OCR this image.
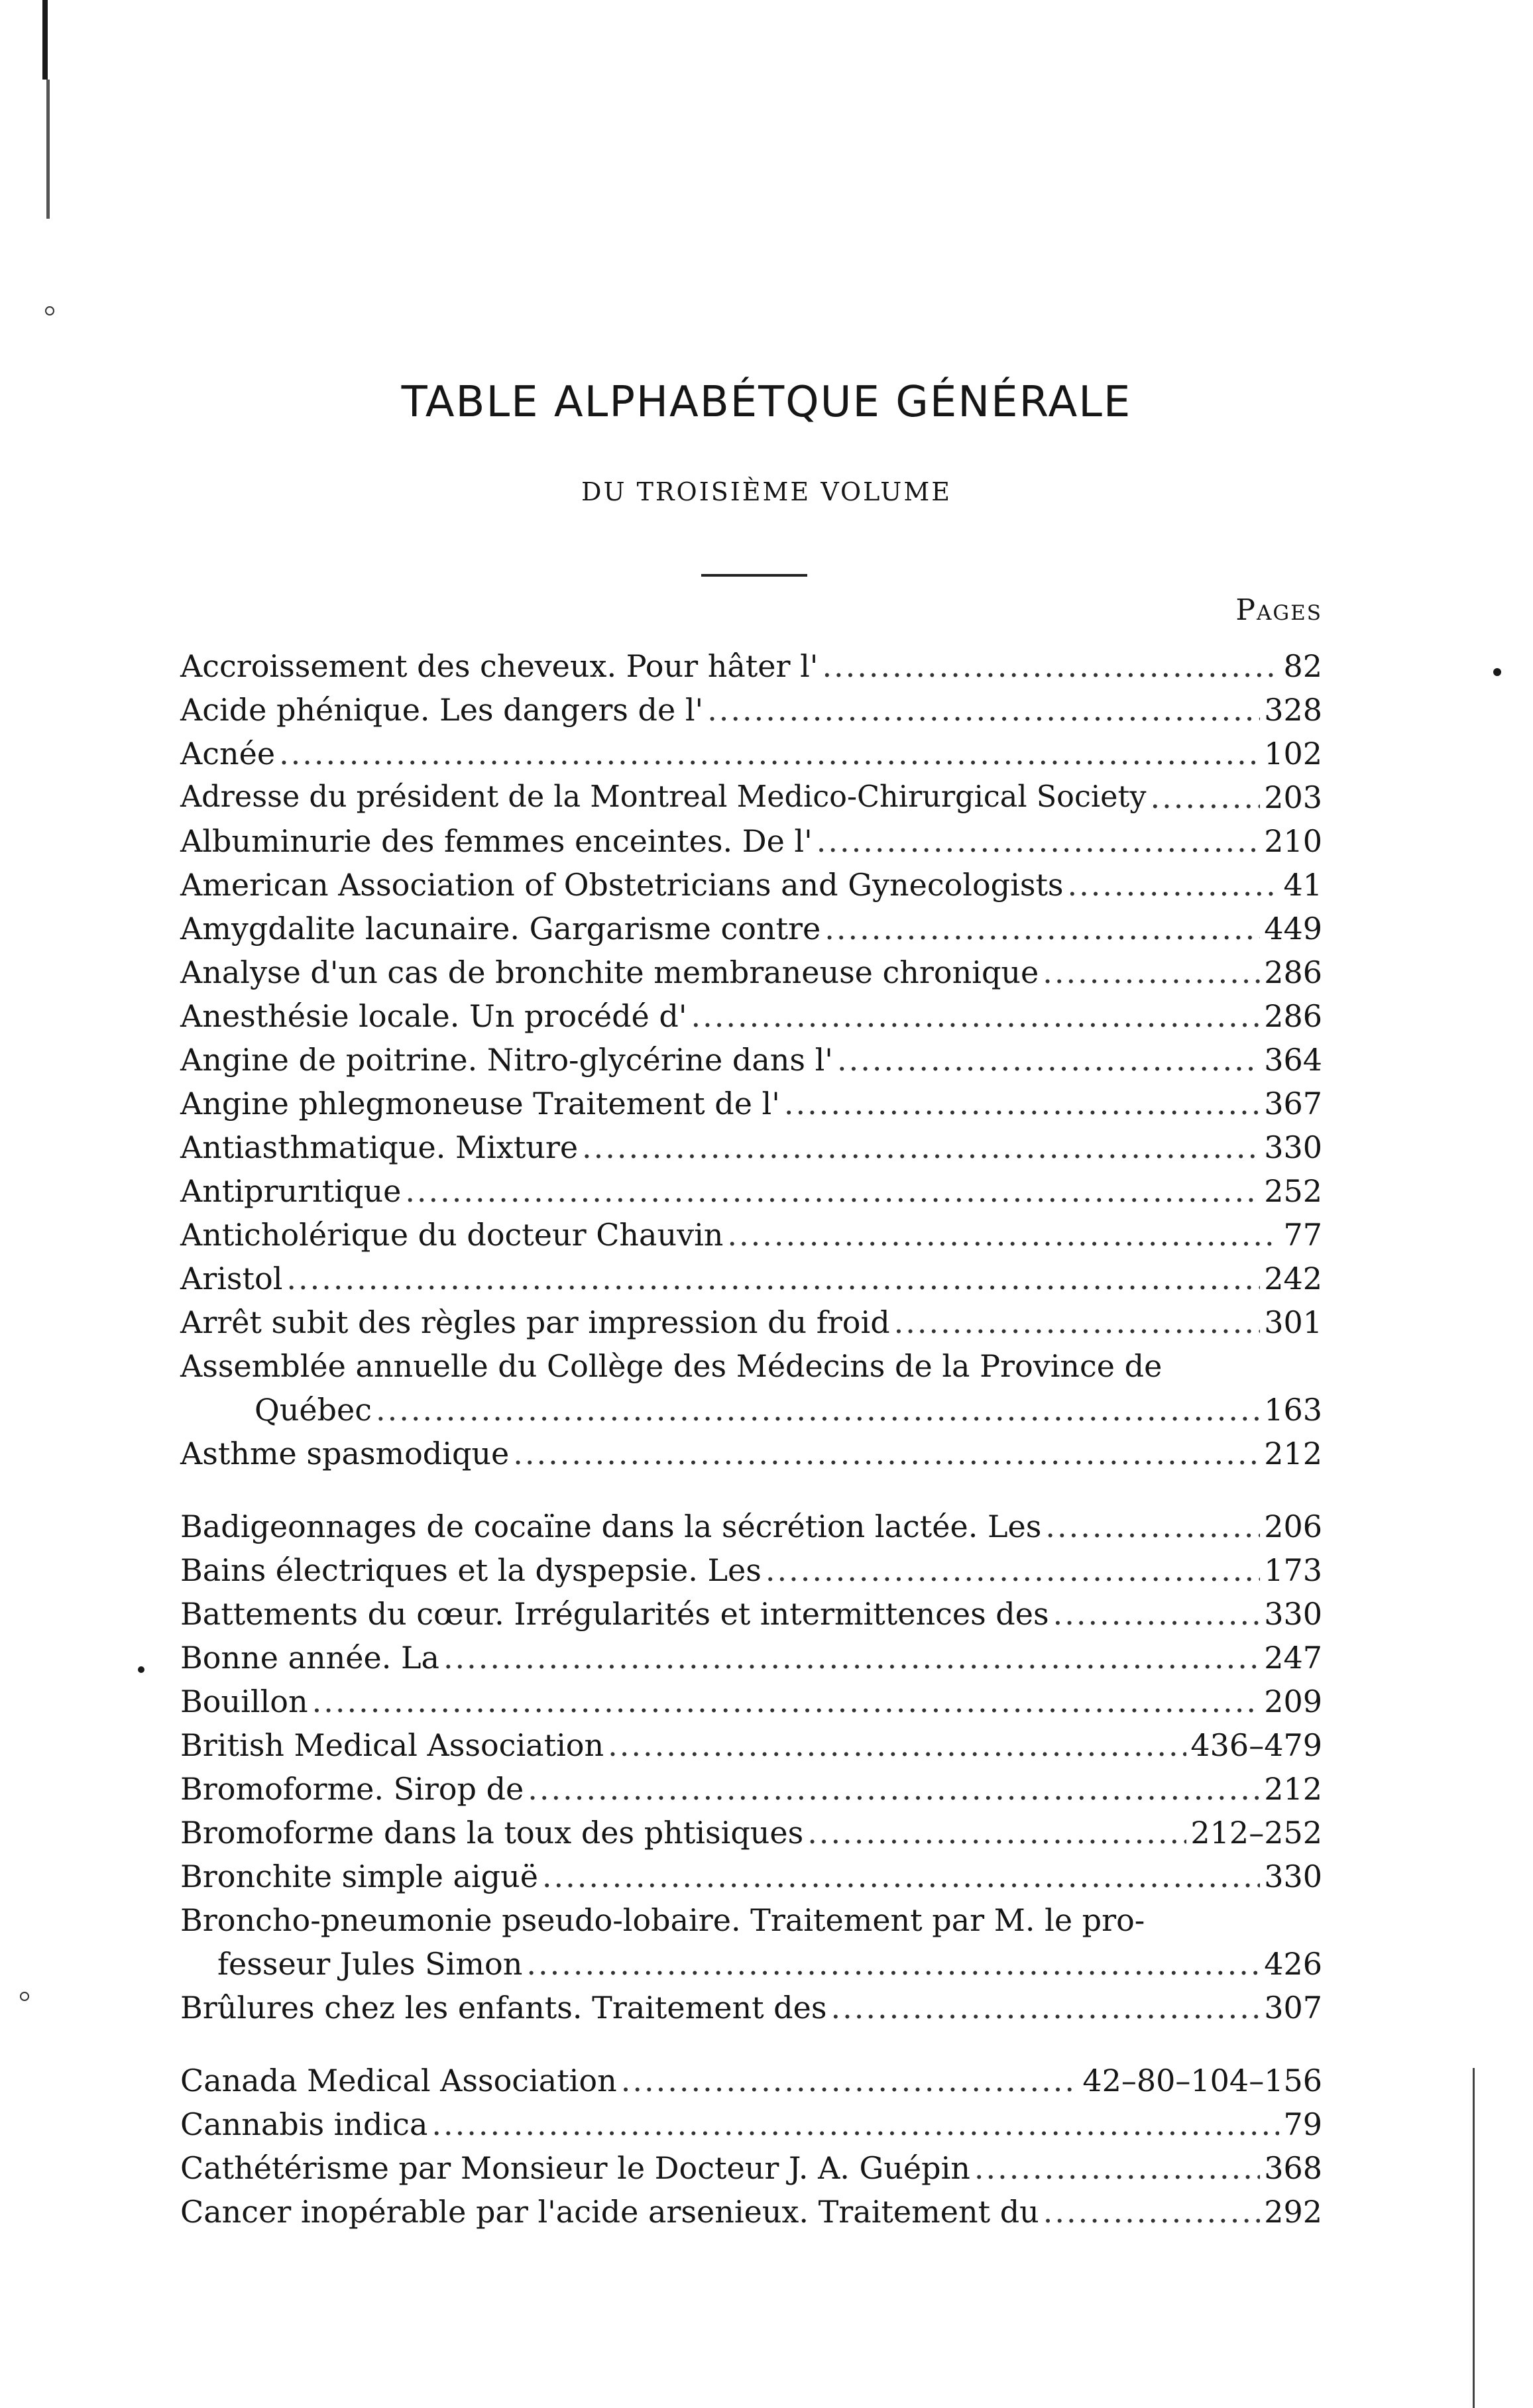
TABLE ALPHABÉTQUE GÉNÉRALE
DU TROISIÈME VOLUME
Pages
Accroissement des cheveux. Pour hâter l' .....	82
Acide phénique. Les dangers de l' .....	328
Acnée .....	102
Adresse du président de la Montreal Medico-Chirurgical Society .....	203
Albuminurie des femmes enceintes. De l' .....	210
American Association of Obstetricians and Gynecologists .....	41
Amygdalite lacunaire. Gargarisme contre .....	449
Analyse d'un cas de bronchite membraneuse chronique .....	286
Anesthésie locale. Un procédé d' .....	286
Angine de poitrine. Nitro-glycérine dans l' .....	364
Angine phlegmoneuse Traitement de l' .....	367
Antiasthmatique. Mixture .....	330
Antiprurıtique .....	252
Anticholérique du docteur Chauvin .....	77
Aristol .....	242
Arrêt subit des règles par impression du froid .....	301
Assemblée annuelle du Collège des Médecins de la Province de
Québec .....	163
Asthme spasmodique .....	212
Badigeonnages de cocaïne dans la sécrétion lactée. Les .....	206
Bains électriques et la dyspepsie. Les .....	173
Battements du cœur. Irrégularités et intermittences des .....	330
Bonne année. La .....	247
Bouillon .....	209
British Medical Association .....	436–479
Bromoforme. Sirop de .....	212
Bromoforme dans la toux des phtisiques .....	212–252
Bronchite simple aiguë .....	330
Broncho-pneumonie pseudo-lobaire. Traitement par M. le pro-
fesseur Jules Simon .....	426
Brûlures chez les enfants. Traitement des .....	307
Canada Medical Association .....	42–80–104–156
Cannabis indica .....	79
Cathétérisme par Monsieur le Docteur J. A. Guépin .....	368
Cancer inopérable par l'acide arsenieux. Traitement du .....	292
